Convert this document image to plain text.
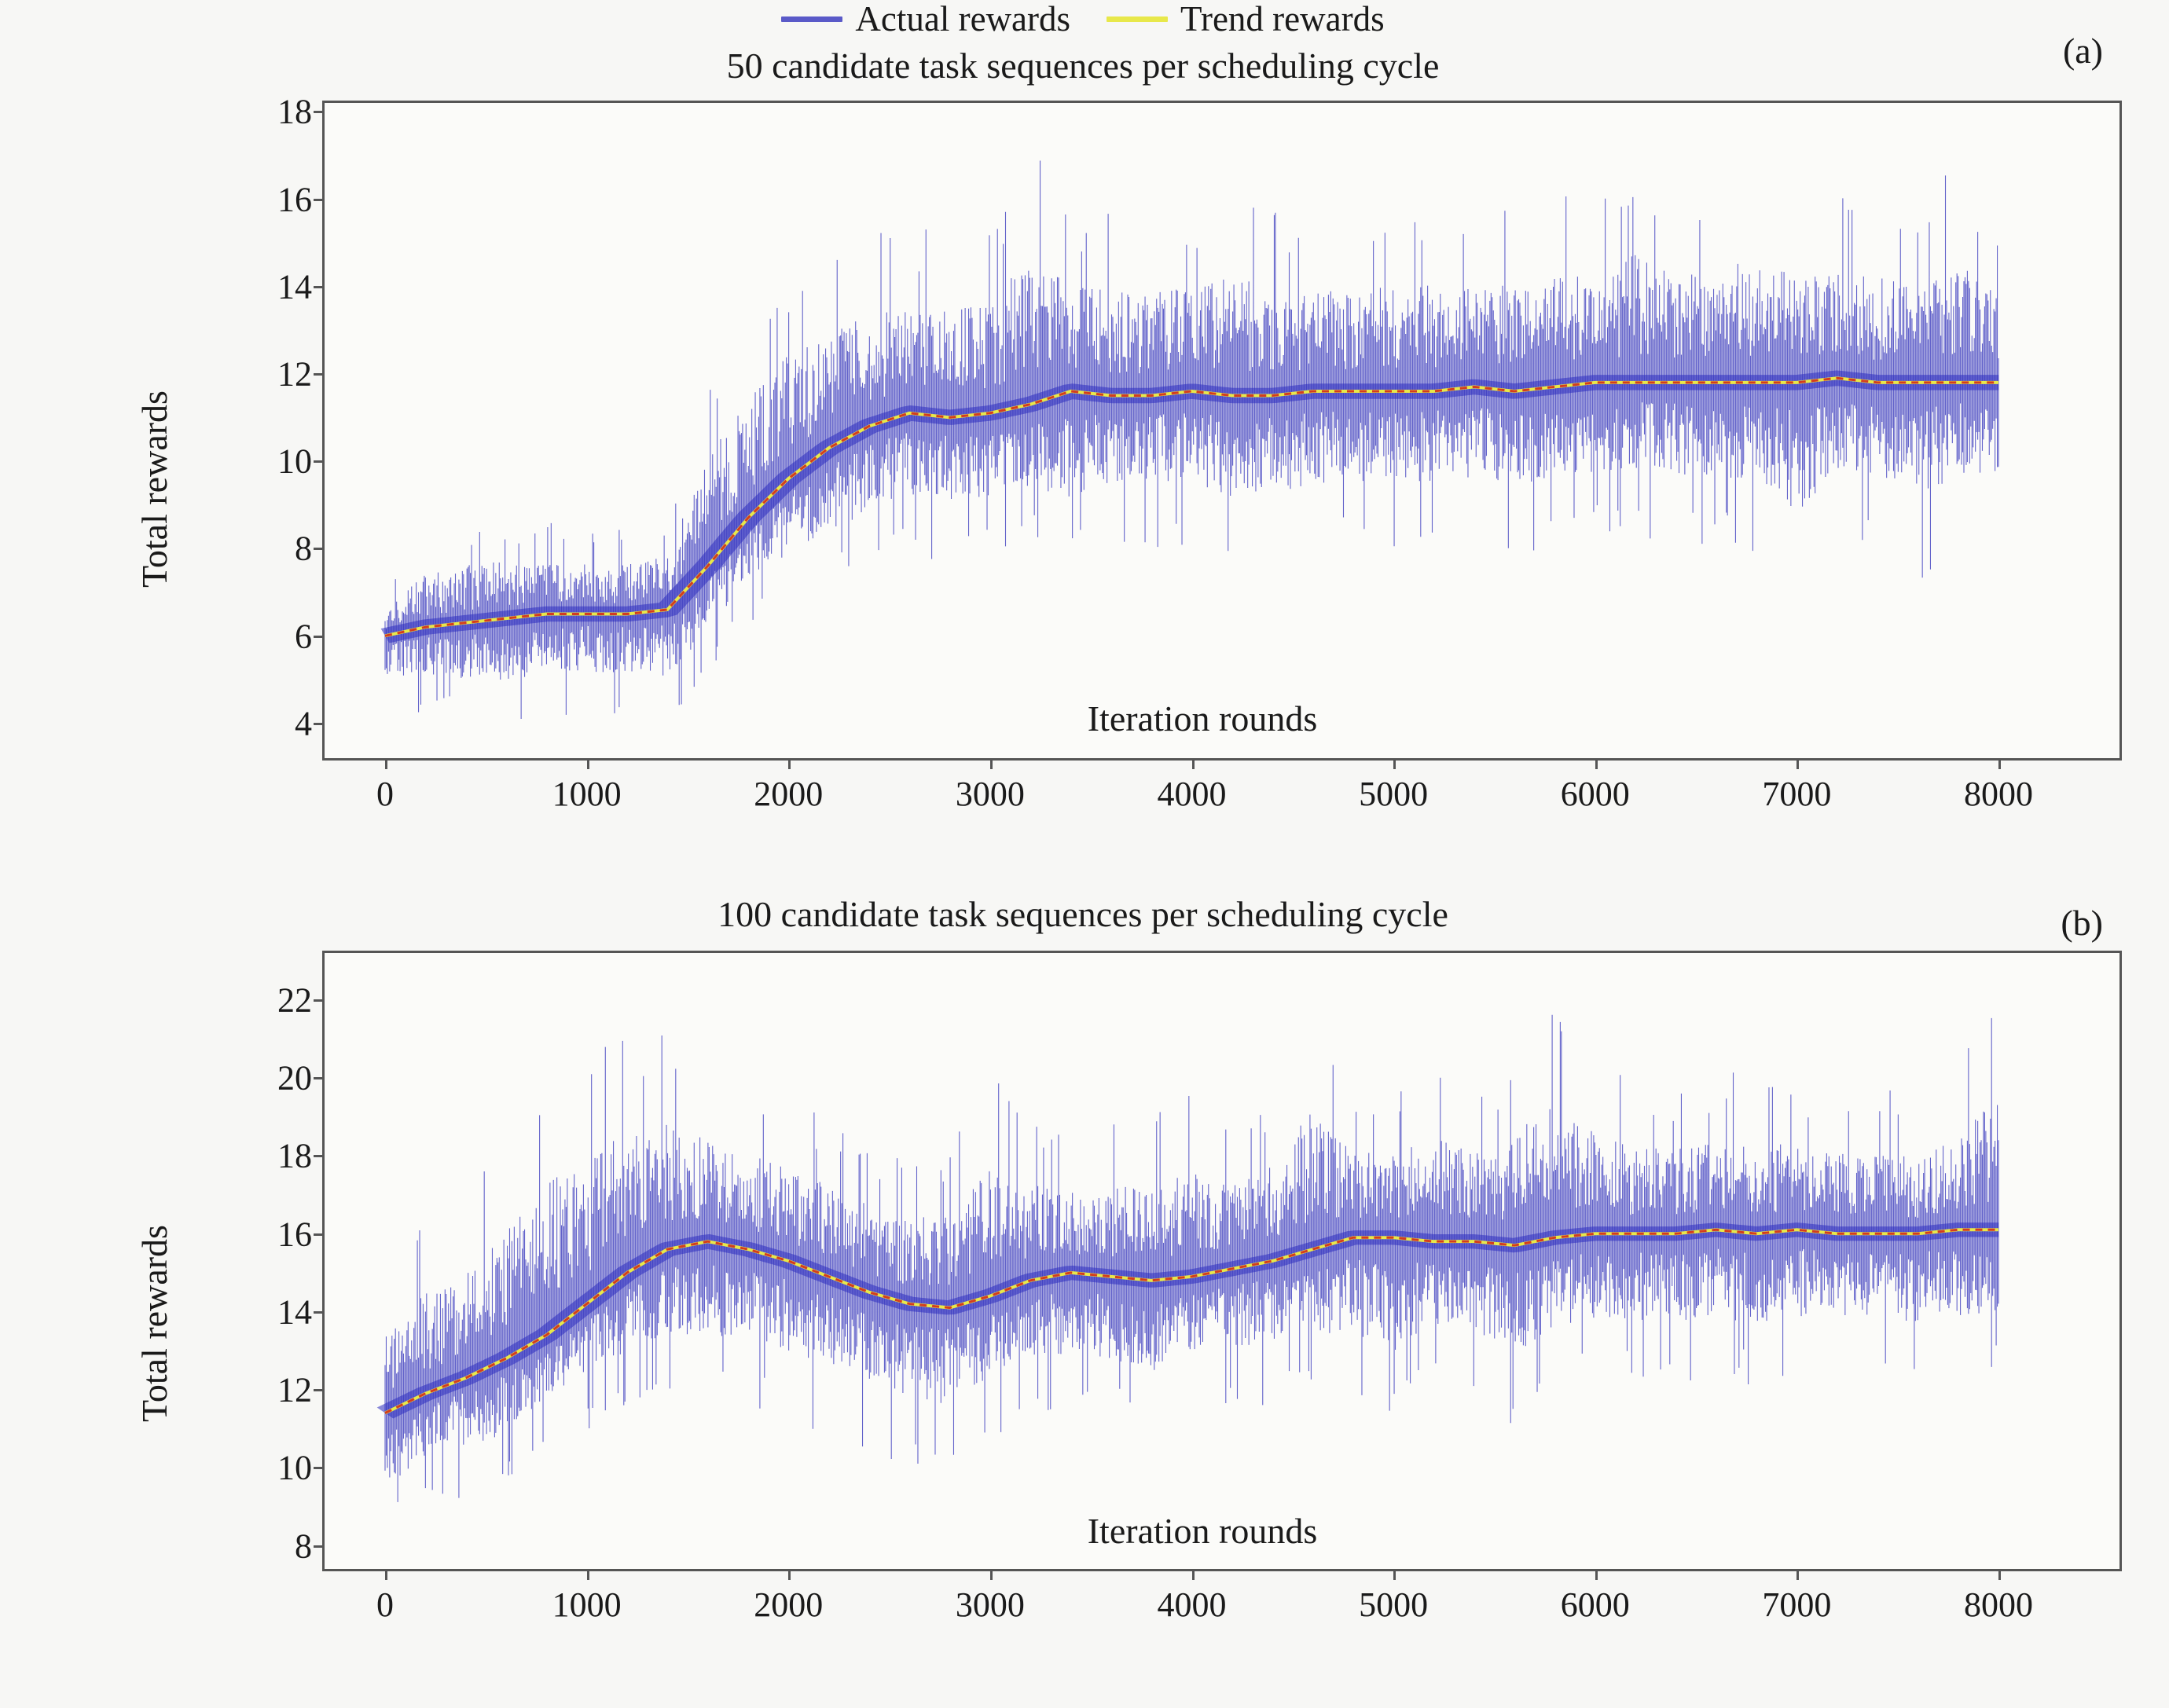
Actual rewards	Trend rewards
50 candidate task sequences per scheduling cycle	(a)
Total rewards
4
6
8
10
12
14
16
18
0	1000	2000	3000	4000	5000	6000	7000	8000
Iteration rounds
100 candidate task sequences per scheduling cycle	(b)
Total rewards
8
10
12
14
16
18
20
22
0	1000	2000	3000	4000	5000	6000	7000	8000
Iteration rounds
